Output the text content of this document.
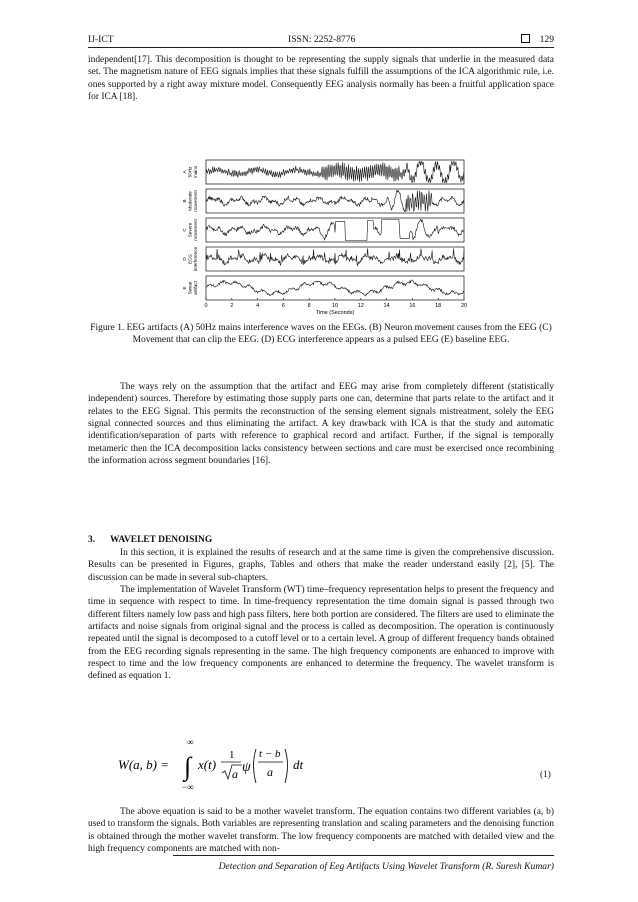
IJ-ICT	ISSN: 2252-8776	129

independent[17]. This decomposition is thought to be representing the supply signals that underlie in the measured data set. The magnetism nature of EEG signals implies that these signals fulfill the assumptions of the ICA algorithmic rule, i.e. ones supported by a right away mixture model. Consequently EEG analysis normally has been a fruitful application space for ICA [18].

A 50Hz mains
B Moderate movement
C Severe movement
D ECG interference
E Sweat artifact
0	2	4	6	8	10	12	14	16	18	20
Time (Seconds)
Figure 1. EEG artifacts (A) 50Hz mains interference waves on the EEGs. (B) Neuron movement causes from the EEG (C) Movement that can clip the EEG. (D) ECG interference appears as a pulsed EEG (E) baseline EEG.

The ways rely on the assumption that the artifact and EEG may arise from completely different (statistically independent) sources. Therefore by estimating those supply parts one can, determine that parts relate to the artifact and it relates to the EEG Signal. This permits the reconstruction of the sensing element signals mistreatment, solely the EEG signal connected sources and thus eliminating the artifact. A key drawback with ICA is that the study and automatic identification/separation of parts with reference to graphical record and artifact. Further, if the signal is temporally metameric then the ICA decomposition lacks consistency between sections and care must be exercised once recombining the information across segment boundaries [16].

3. WAVELET DENOISING

In this section, it is explained the results of research and at the same time is given the comprehensive discussion. Results can be presented in Figures, graphs, Tables and others that make the reader understand easily [2], [5]. The discussion can be made in several sub-chapters.

The implementation of Wavelet Transform (WT) time–frequency representation helps to present the frequency and time in sequence with respect to time. In time-frequency representation the time domain signal is passed through two different filters namely low pass and high pass filters, here both portion are considered. The filters are used to eliminate the artifacts and noise signals from original signal and the process is called as decomposition. The operation is continuously repeated until the signal is decomposed to a cutoff level or to a certain level. A group of different frequency bands obtained from the EEG recording signals representing in the same. The high frequency components are enhanced to improve with respect to time and the low frequency components are enhanced to determine the frequency. The wavelet transform is defined as equation 1.

W(a, b) =
∞
∫
−∞
x(t)
1
a ψ
t − b
a dt
(1)

The above equation is said to be a mother wavelet transform. The equation contains two different variables (a, b) used to transform the signals. Both variables are representing translation and scaling parameters and the denoising function is obtained through the mother wavelet transform. The low frequency components are matched with detailed view and the high frequency components are matched with non-

Detection and Separation of Eeg Artifacts Using Wavelet Transform (R. Suresh Kumar)
